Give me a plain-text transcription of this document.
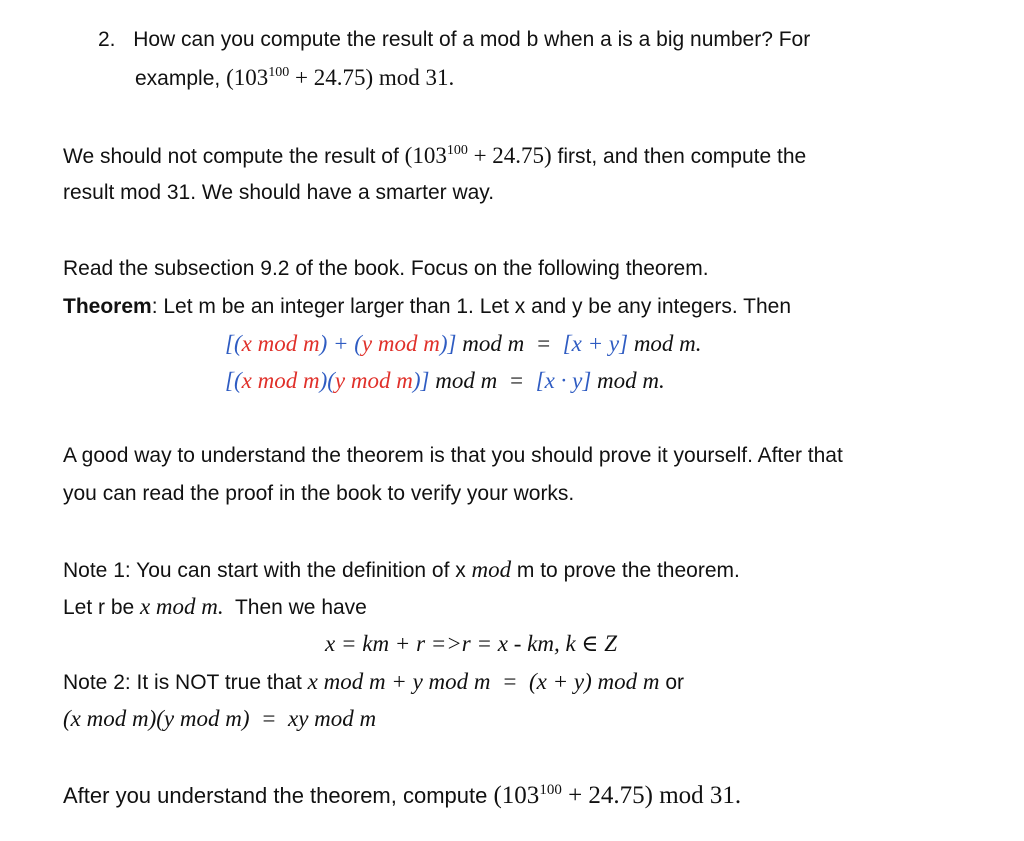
2. How can you compute the result of a mod b when a is a big number? For
example, $(103^{100} + 24.75)$ mod 31.
We should not compute the result of $(103^{100} + 24.75)$ first, and then compute the
result mod 31. We should have a smarter way.
Read the subsection 9.2 of the book. Focus on the following theorem.
Theorem: Let m be an integer larger than 1. Let x and y be any integers. Then
[(x mod m) + (y mod m)] mod m  =  [x + y] mod m.
[(x mod m)(y mod m)] mod m  =  [x · y] mod m.
A good way to understand the theorem is that you should prove it yourself. After that
you can read the proof in the book to verify your works.
Note 1: You can start with the definition of x mod m to prove the theorem.
Let r be x mod m.  Then we have
x = km + r =>r = x - km, k ∈ Z
Note 2: It is NOT true that x mod m + y mod m  =  (x + y) mod m or
(x mod m)(y mod m)  =  xy mod m
After you understand the theorem, compute $(103^{100} + 24.75)$ mod 31.
